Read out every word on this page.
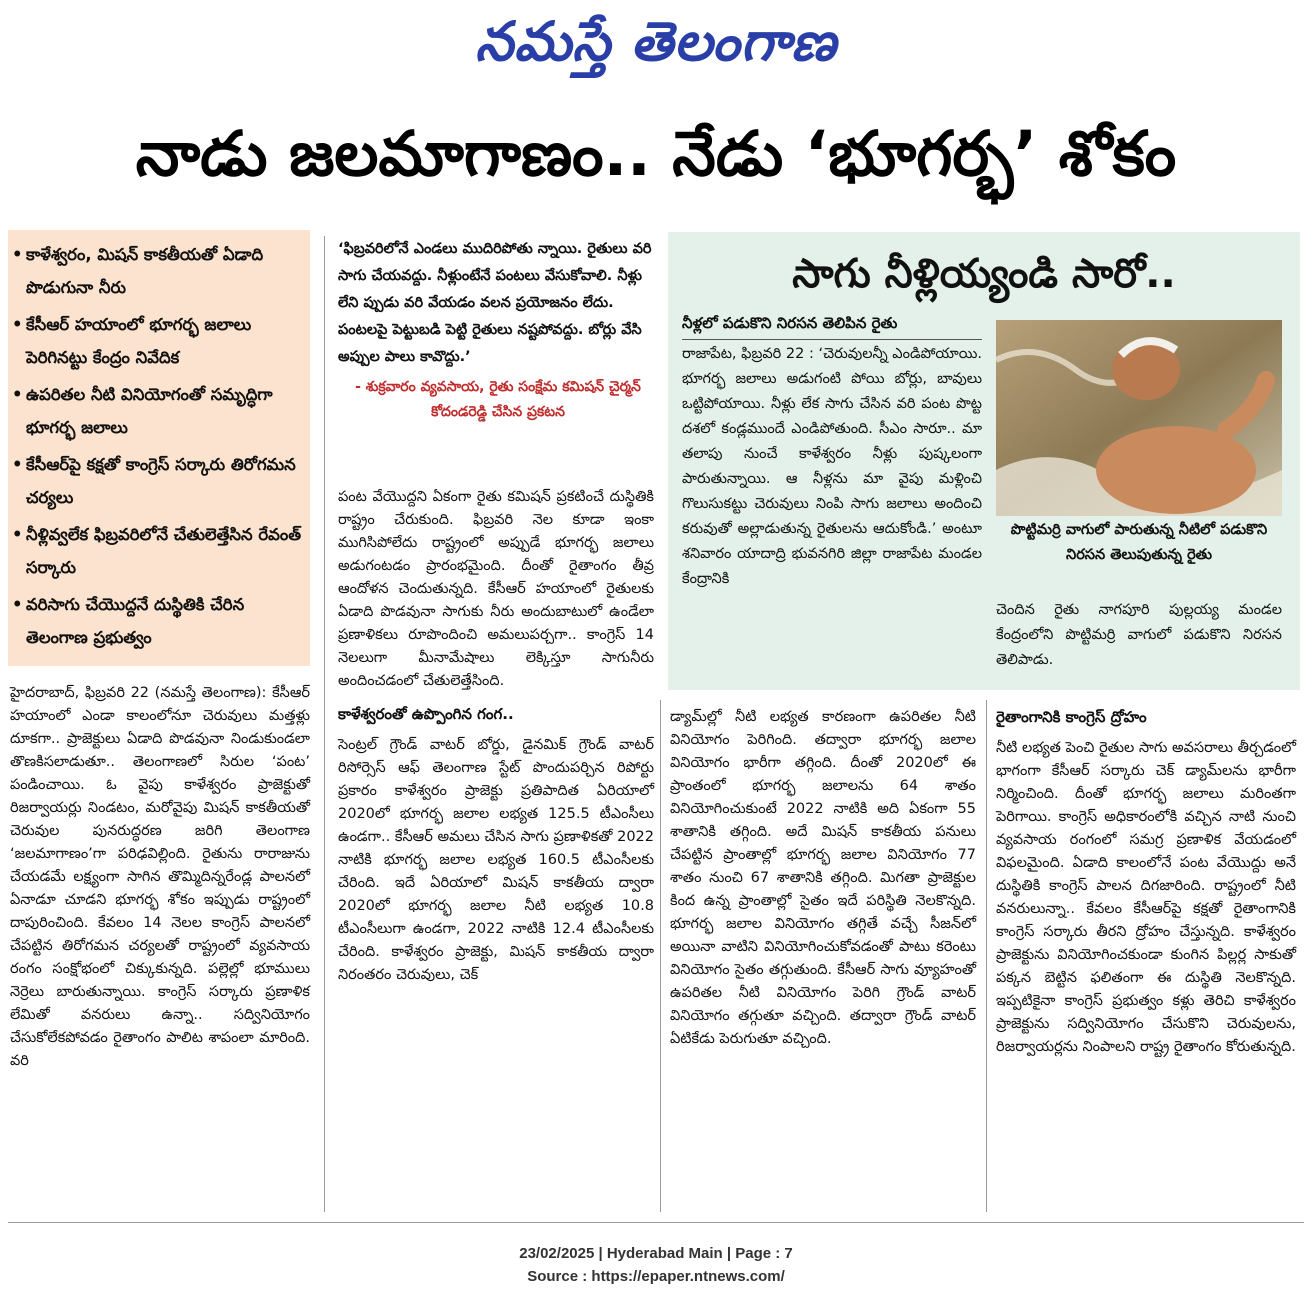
నమస్తే తెలంగాణ
నాడు జలమాగాణం.. నేడు ‘భూగర్భ’ శోకం
• కాళేశ్వరం, మిషన్ కాకతీయతో ఏడాది పొడుగునా నీరు
• కేసీఆర్ హయాంలో భూగర్భ జలాలు పెరిగినట్టు కేంద్రం నివేదిక
• ఉపరితల నీటి వినియోగంతో సమృద్ధిగా భూగర్భ జలాలు
• కేసీఆర్‌పై కక్షతో కాంగ్రెస్ సర్కారు తిరోగమన చర్యలు
• నీళ్లివ్వలేక ఫిబ్రవరిలోనే చేతులెత్తేసిన రేవంత్ సర్కారు
• వరిసాగు చేయొద్దనే దుస్థితికి చేరిన తెలంగాణ ప్రభుత్వం

‘ఫిబ్రవరిలోనే ఎండలు ముదిరిపోతు న్నాయి. రైతులు వరి సాగు చేయవద్దు. నీళ్లుంటేనే పంటలు వేసుకోవాలి. నీళ్లు లేని ప్పుడు వరి వేయడం వలన ప్రయోజనం లేదు. పంటలపై పెట్టుబడి పెట్టి రైతులు నష్టపోవద్దు. బోర్లు వేసి అప్పుల పాలు కావొద్దు.’

- శుక్రవారం వ్యవసాయ, రైతు సంక్షేమ కమిషన్ చైర్మన్ కోదండరెడ్డి చేసిన ప్రకటన

హైదరాబాద్, ఫిబ్రవరి 22 (నమస్తే తెలంగాణ): కేసీఆర్ హయాంలో ఎండా కాలంలోనూ చెరువులు మత్తళ్లు దూకగా.. ప్రాజెక్టులు ఏడాది పొడవునా నిండుకుండలా తొణకిసలాడుతూ.. తెలంగాణలో సిరుల ‘పంట’ పండించాయి. ఓ వైపు కాళేశ్వరం ప్రాజెక్టుతో రిజర్వాయర్లు నిండటం, మరోవైపు మిషన్ కాకతీయతో చెరువుల పునరుద్ధరణ జరిగి తెలంగాణ ‘జలమాగాణం’గా పరిఢవిల్లింది. రైతును రారాజును చేయడమే లక్ష్యంగా సాగిన తొమ్మిదిన్నరేండ్ల పాలనలో ఏనాడూ చూడని భూగర్భ శోకం ఇప్పుడు రాష్ట్రంలో దాపురించింది. కేవలం 14 నెలల కాంగ్రెస్ పాలనలో చేపట్టిన తిరోగమన చర్యలతో రాష్ట్రంలో వ్యవసాయ రంగం సంక్షోభంలో చిక్కుకున్నది. పల్లెల్లో భూములు నెర్రెలు బారుతున్నాయి. కాంగ్రెస్ సర్కారు ప్రణాళిక లేమితో వనరులు ఉన్నా.. సద్వినియోగం చేసుకోలేకపోవడం రైతాంగం పాలిట శాపంలా మారింది. వరి

పంట వేయొద్దని ఏకంగా రైతు కమిషన్ ప్రకటించే దుస్థితికి రాష్ట్రం చేరుకుంది. ఫిబ్రవరి నెల కూడా ఇంకా ముగిసిపోలేదు రాష్ట్రంలో అప్పుడే భూగర్భ జలాలు అడుగంటడం ప్రారంభమైంది. దీంతో రైతాంగం తీవ్ర ఆందోళన చెందుతున్నది. కేసీఆర్ హయాంలో రైతులకు ఏడాది పొడవునా సాగుకు నీరు అందుబాటులో ఉండేలా ప్రణాళికలు రూపొందించి అమలుపర్చగా.. కాంగ్రెస్ 14 నెలలుగా మీనామేషాలు లెక్కిస్తూ సాగునీరు అందించడంలో చేతులెత్తేసింది.

కాళేశ్వరంతో ఉప్పొంగిన గంగ..

సెంట్రల్ గ్రౌండ్ వాటర్ బోర్డు, డైనమిక్ గ్రౌండ్ వాటర్ రిసోర్సెస్ ఆఫ్ తెలంగాణ స్టేట్ పొందుపర్చిన రిపోర్టు ప్రకారం కాళేశ్వరం ప్రాజెక్టు ప్రతిపాదిత ఏరియాలో 2020లో భూగర్భ జలాల లభ్యత 125.5 టీఎంసీలు ఉండగా.. కేసీఆర్ అమలు చేసిన సాగు ప్రణాళికతో 2022 నాటికి భూగర్భ జలాల లభ్యత 160.5 టీఎంసీలకు చేరింది. ఇదే ఏరియాలో మిషన్ కాకతీయ ద్వారా 2020లో భూగర్భ జలాల నీటి లభ్యత 10.8 టీఎంసీలుగా ఉండగా, 2022 నాటికి 12.4 టీఎంసీలకు చేరింది. కాళేశ్వరం ప్రాజెక్టు, మిషన్ కాకతీయ ద్వారా నిరంతరం చెరువులు, చెక్

డ్యామ్‌ల్లో నీటి లభ్యత కారణంగా ఉపరితల నీటి వినియోగం పెరిగింది. తద్వారా భూగర్భ జలాల వినియోగం భారీగా తగ్గింది. దీంతో 2020లో ఈ ప్రాంతంలో భూగర్భ జలాలను 64 శాతం వినియోగించుకుంటే 2022 నాటికి అది ఏకంగా 55 శాతానికి తగ్గింది. అదే మిషన్ కాకతీయ పనులు చేపట్టిన ప్రాంతాల్లో భూగర్భ జలాల వినియోగం 77 శాతం నుంచి 67 శాతానికి తగ్గింది. మిగతా ప్రాజెక్టుల కింద ఉన్న ప్రాంతాల్లో సైతం ఇదే పరిస్థితి నెలకొన్నది. భూగర్భ జలాల వినియోగం తగ్గితే వచ్చే సీజన్‌లో అయినా వాటిని వినియోగించుకోవడంతో పాటు కరెంటు వినియోగం సైతం తగ్గుతుంది. కేసీఆర్ సాగు వ్యూహంతో ఉపరితల నీటి వినియోగం పెరిగి గ్రౌండ్ వాటర్ వినియోగం తగ్గుతూ వచ్చింది. తద్వారా గ్రౌండ్ వాటర్ ఏటికేడు పెరుగుతూ వచ్చింది.

రైతాంగానికి కాంగ్రెస్ ద్రోహం

నీటి లభ్యత పెంచి రైతుల సాగు అవసరాలు తీర్చడంలో భాగంగా కేసీఆర్ సర్కారు చెక్ డ్యామ్‌లను భారీగా నిర్మించింది. దీంతో భూగర్భ జలాలు మరింతగా పెరిగాయి. కాంగ్రెస్ అధికారంలోకి వచ్చిన నాటి నుంచి వ్యవసాయ రంగంలో సమగ్ర ప్రణాళిక వేయడంలో విఫలమైంది. ఏడాది కాలంలోనే పంట వేయొద్దు అనే దుస్థితికి కాంగ్రెస్ పాలన దిగజారింది. రాష్ట్రంలో నీటి వనరులున్నా.. కేవలం కేసీఆర్‌పై కక్షతో రైతాంగానికి కాంగ్రెస్ సర్కారు తీరని ద్రోహం చేస్తున్నది. కాళేశ్వరం ప్రాజెక్టును వినియోగించకుండా కుంగిన పిల్లర్ల సాకుతో పక్కన బెట్టిన ఫలితంగా ఈ దుస్థితి నెలకొన్నది. ఇప్పటికైనా కాంగ్రెస్ ప్రభుత్వం కళ్లు తెరిచి కాళేశ్వరం ప్రాజెక్టును సద్వినియోగం చేసుకొని చెరువులను, రిజర్వాయర్లను నింపాలని రాష్ట్ర రైతాంగం కోరుతున్నది.

సాగు నీళ్లియ్యండి సారో..
నీళ్లలో పడుకొని నిరసన తెలిపిన రైతు
రాజాపేట, ఫిబ్రవరి 22 : ‘చెరువులన్నీ ఎండిపోయాయి. భూగర్భ జలాలు అడుగంటి పోయి బోర్లు, బావులు ఒట్టిపోయాయి. నీళ్లు లేక సాగు చేసిన వరి పంట పొట్ట దశలో కండ్లముందే ఎండిపోతుంది. సీఎం సారూ.. మా తలాపు నుంచే కాళేశ్వరం నీళ్లు పుష్కలంగా పారుతున్నాయి. ఆ నీళ్లను మా వైపు మళ్లించి గొలుసుకట్టు చెరువులు నింపి సాగు జలాలు అందించి కరువుతో అల్లాడుతున్న రైతులను ఆదుకోండి.’ అంటూ శనివారం యాదాద్రి భువనగిరి జిల్లా రాజాపేట మండల కేంద్రానికి
పొట్టిమర్రి వాగులో పారుతున్న నీటిలో పడుకొని నిరసన తెలుపుతున్న రైతు

చెందిన రైతు నాగపూరి పుల్లయ్య మండల కేంద్రంలోని పొట్టిమర్రి వాగులో పడుకొని నిరసన తెలిపాడు.

23/02/2025 | Hyderabad Main | Page : 7
Source : https://epaper.ntnews.com/
